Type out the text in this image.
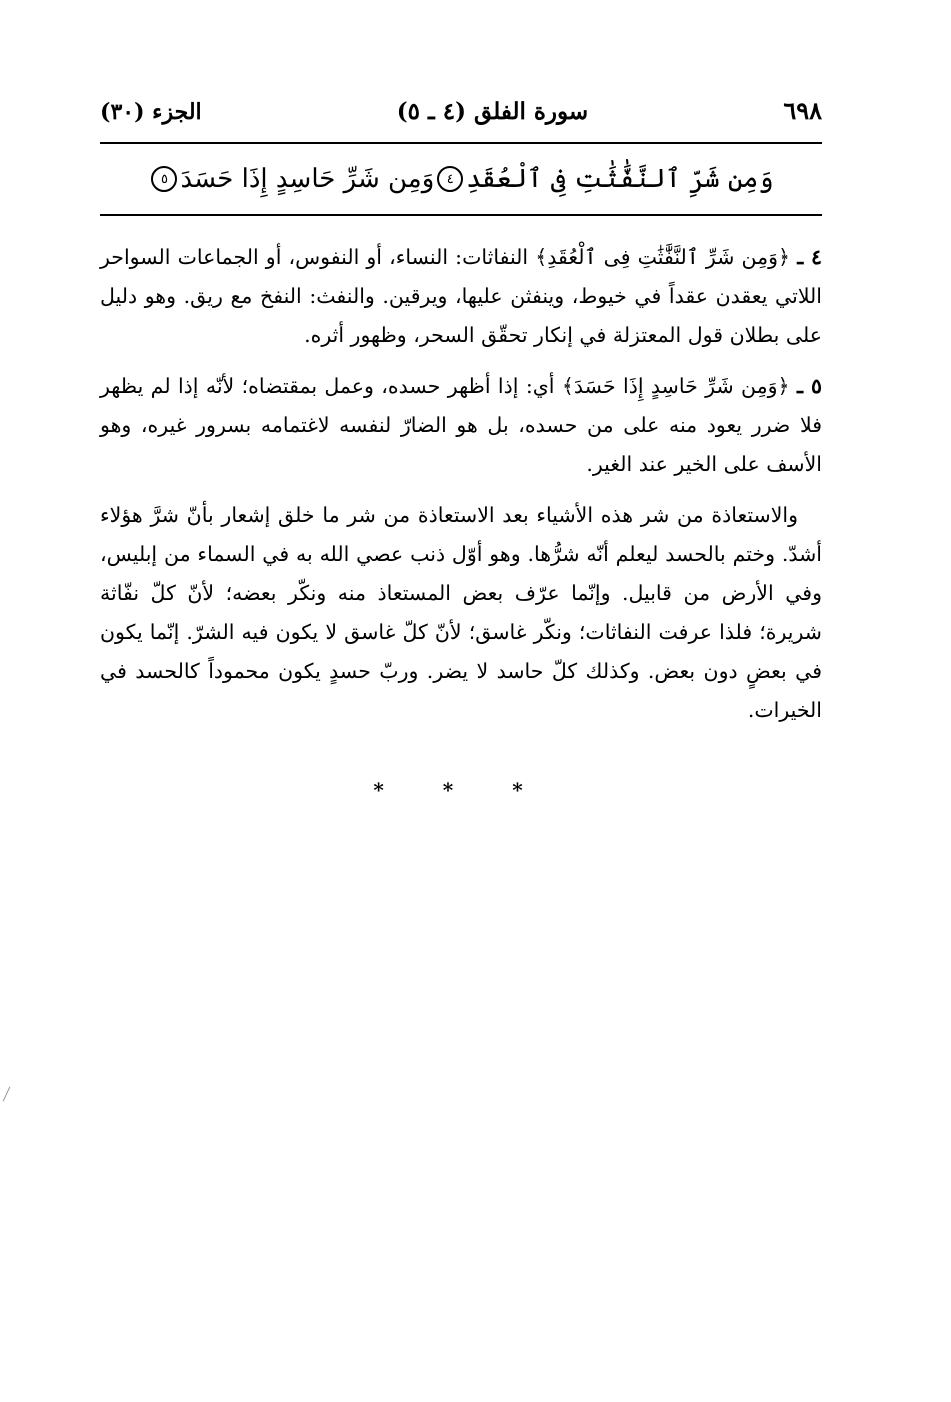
٦٩٨
سورة الفلق (٤ ـ ٥)
الجزء (٣٠)
وَمِن شَرِّ ٱلنَّفَّٰثَٰتِ فِى ٱلْعُقَدِ
٤
وَمِن شَرِّ حَاسِدٍ إِذَا حَسَدَ
٥

٤ ـ ﴿وَمِن شَرِّ ٱلنَّفَّٰثَٰتِ فِى ٱلْعُقَدِ﴾ النفاثات: النساء، أو النفوس، أو الجماعات السواحر اللاتي يعقدن عقداً في خيوط، وينفثن عليها، ويرقين. والنفث: النفخ مع ريق. وهو دليل على بطلان قول المعتزلة في إنكار تحقّق السحر، وظهور أثره.

٥ ـ ﴿وَمِن شَرِّ حَاسِدٍ إِذَا حَسَدَ﴾ أي: إذا أظهر حسده، وعمل بمقتضاه؛ لأنّه إذا لم يظهر فلا ضرر يعود منه على من حسده، بل هو الضارّ لنفسه لاغتمامه بسرور غيره، وهو الأسف على الخير عند الغير.

والاستعاذة من شر هذه الأشياء بعد الاستعاذة من شر ما خلق إشعار بأنّ شرَّ هؤلاء أشدّ. وختم بالحسد ليعلم أنّه شرُّها. وهو أوّل ذنب عصي الله به في السماء من إبليس، وفي الأرض من قابيل. وإنّما عرّف بعض المستعاذ منه ونكّر بعضه؛ لأنّ كلّ نفّاثة شريرة؛ فلذا عرفت النفاثات؛ ونكّر غاسق؛ لأنّ كلّ غاسق لا يكون فيه الشرّ. إنّما يكون في بعضٍ دون بعض. وكذلك كلّ حاسد لا يضر. وربّ حسدٍ يكون محموداً كالحسد في الخيرات.

* * *
